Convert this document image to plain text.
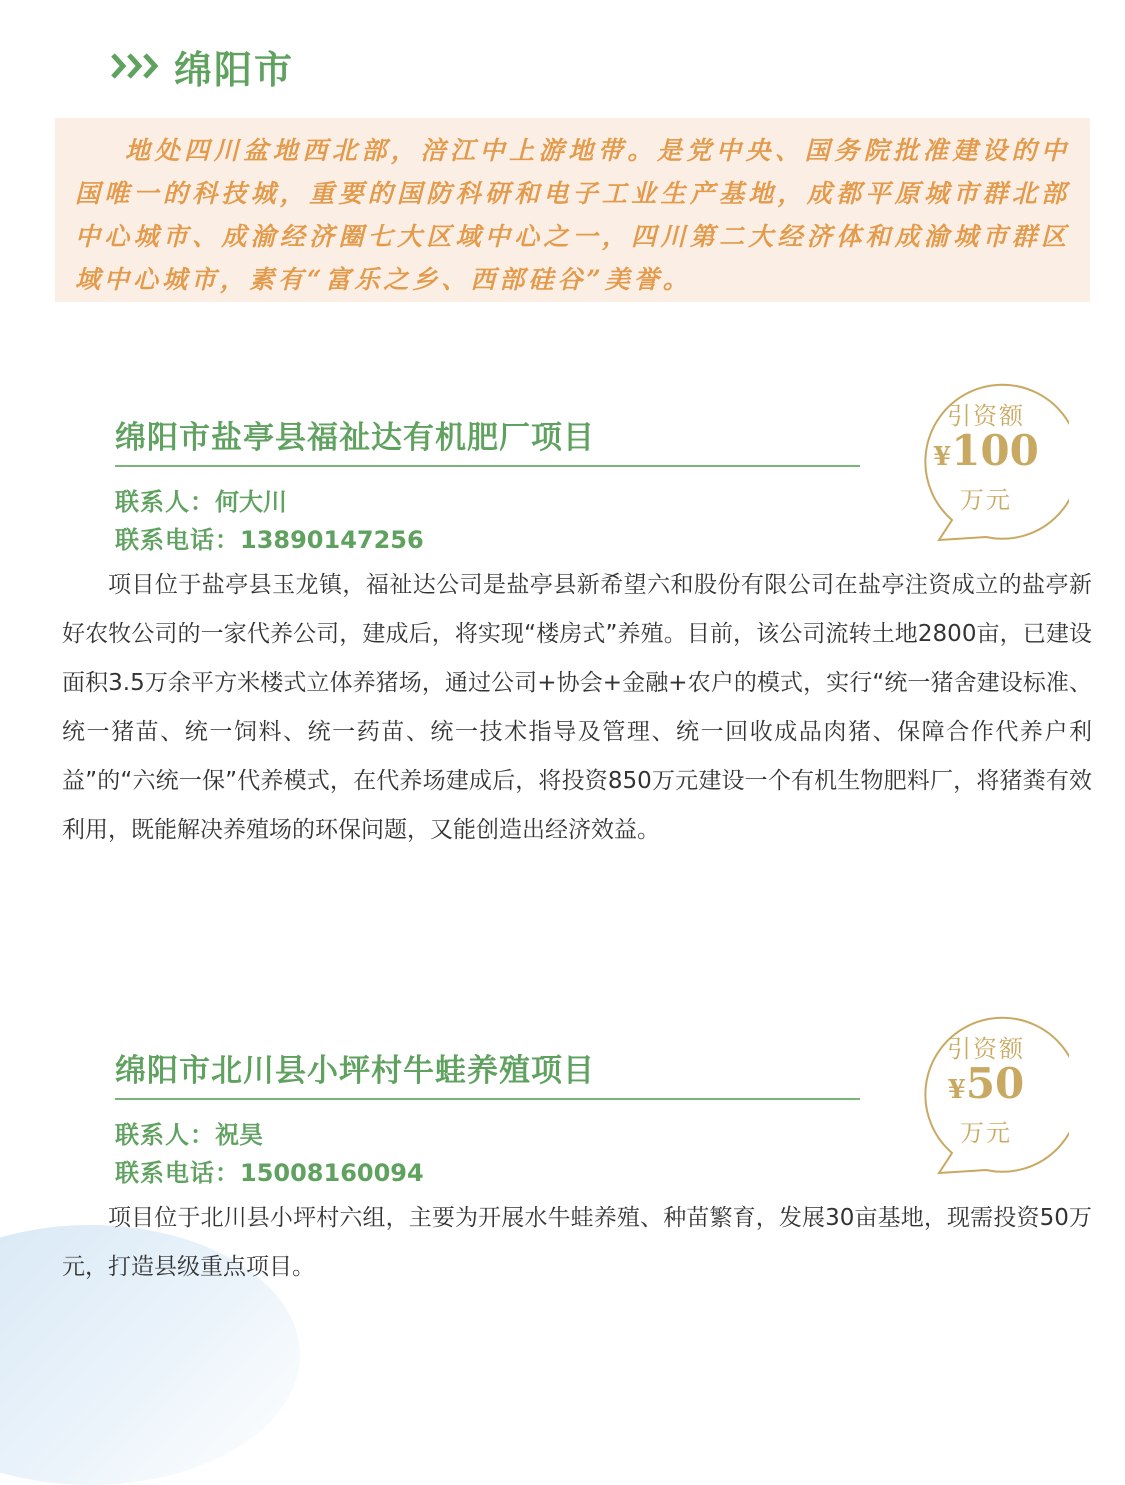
绵阳市

地处四川盆地西北部，涪江中上游地带。是党中央、国务院批准建设的中国唯一的科技城，重要的国防科研和电子工业生产基地，成都平原城市群北部中心城市、成渝经济圈七大区域中心之一，四川第二大经济体和成渝城市群区域中心城市，素有“富乐之乡、西部硅谷”美誉。

绵阳市盐亭县福祉达有机肥厂项目
联系人：何大川
联系电话：13890147256

项目位于盐亭县玉龙镇，福祉达公司是盐亭县新希望六和股份有限公司在盐亭注资成立的盐亭新好农牧公司的一家代养公司，建成后，将实现“楼房式”养殖。目前，该公司流转土地2800亩，已建设面积3.5万余平方米楼式立体养猪场，通过公司+协会+金融+农户的模式，实行“统一猪舍建设标准、统一猪苗、统一饲料、统一药苗、统一技术指导及管理、统一回收成品肉猪、保障合作代养户利益”的“六统一保”代养模式，在代养场建成后，将投资850万元建设一个有机生物肥料厂，将猪粪有效利用，既能解决养殖场的环保问题，又能创造出经济效益。

引资额
¥100
万元
绵阳市北川县小坪村牛蛙养殖项目
联系人：祝昊
联系电话：15008160094

项目位于北川县小坪村六组，主要为开展水牛蛙养殖、种苗繁育，发展30亩基地，现需投资50万元，打造县级重点项目。

引资额
¥50
万元
